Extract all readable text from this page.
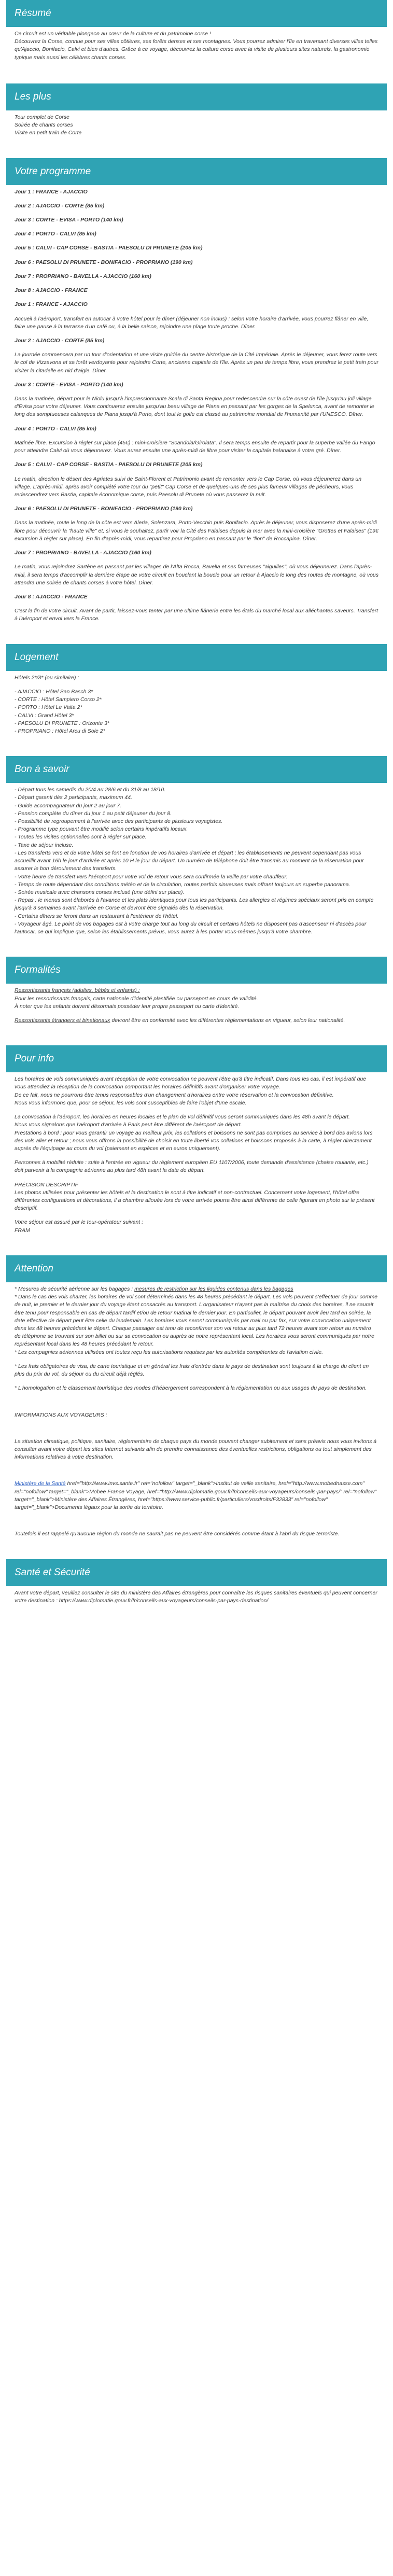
Résumé

Ce circuit est un véritable plongeon au cœur de la culture et du patrimoine corse !

Découvrez la Corse, connue pour ses villes côtières, ses forêts denses et ses montagnes. Vous pourrez admirer l'île en traversant diverses villes telles qu'Ajaccio, Bonifacio, Calvi et bien d'autres. Grâce à ce voyage, découvrez la culture corse avec la visite de plusieurs sites naturels, la gastronomie typique mais aussi les célèbres chants corses.

Les plus

Tour complet de Corse

Soirée de chants corses

Visite en petit train de Corte

Votre programme

Jour 1 : FRANCE - AJACCIO

Jour 2 : AJACCIO - CORTE (85 km)

Jour 3 : CORTE - EVISA - PORTO (140 km)

Jour 4 : PORTO - CALVI (85 km)

Jour 5 : CALVI - CAP CORSE - BASTIA - PAESOLU DI PRUNETE (205 km)

Jour 6 : PAESOLU DI PRUNETE - BONIFACIO - PROPRIANO (190 km)

Jour 7 : PROPRIANO - BAVELLA - AJACCIO (160 km)

Jour 8 : AJACCIO - FRANCE

Jour 1 : FRANCE - AJACCIO

Accueil à l'aéroport, transfert en autocar à votre hôtel pour le dîner (déjeuner non inclus) : selon votre horaire d'arrivée, vous pourrez flâner en ville, faire une pause à la terrasse d'un café ou, à la belle saison, rejoindre une plage toute proche. Dîner.

Jour 2 : AJACCIO - CORTE (85 km)

La journée commencera par un tour d'orientation et une visite guidée du centre historique de la Cité Impériale. Après le déjeuner, vous ferez route vers le col de Vizzavona et sa forêt verdoyante pour rejoindre Corte, ancienne capitale de l'île. Après un peu de temps libre, vous prendrez le petit train pour visiter la citadelle en nid d'aigle. Dîner.

Jour 3 : CORTE - EVISA - PORTO (140 km)

Dans la matinée, départ pour le Niolu jusqu'à l'impressionnante Scala di Santa Regina pour redescendre sur la côte ouest de l'île jusqu'au joli village d'Evisa pour votre déjeuner. Vous continuerez ensuite jusqu'au beau village de Piana en passant par les gorges de la Spelunca, avant de remonter le long des somptueuses calanques de Piana jusqu'à Porto, dont tout le golfe est classé au patrimoine mondial de l'humanité par l'UNESCO. Dîner.

Jour 4 : PORTO - CALVI (85 km)

Matinée libre. Excursion à régler sur place (45€) : mini-croisière "Scandola/Girolata". Il sera temps ensuite de repartir pour la superbe vallée du Fango pour atteindre Calvi où vous déjeunerez. Vous aurez ensuite une après-midi de libre pour visiter la capitale balanaise à votre gré. Dîner.

Jour 5 : CALVI - CAP CORSE - BASTIA - PAESOLU DI PRUNETE (205 km)

Le matin, direction le désert des Agriates suivi de Saint-Florent et Patrimonio avant de remonter vers le Cap Corse, où vous déjeunerez dans un village. L'après-midi, après avoir complété votre tour du "petit" Cap Corse et de quelques-uns de ses plus fameux villages de pêcheurs, vous redescendrez vers Bastia, capitale économique corse, puis Paesolu di Prunete où vous passerez la nuit.

Jour 6 : PAESOLU DI PRUNETE - BONIFACIO - PROPRIANO (190 km)

Dans la matinée, route le long de la côte est vers Aleria, Solenzara, Porto-Vecchio puis Bonifacio. Après le déjeuner, vous disposerez d'une après-midi libre pour découvrir la "haute ville" et, si vous le souhaitez, partir voir la Cité des Falaises depuis la mer avec la mini-croisière "Grottes et Falaises" (19€ excursion à régler sur place). En fin d'après-midi, vous repartirez pour Propriano en passant par le "lion" de Roccapina. Dîner.

Jour 7 : PROPRIANO - BAVELLA - AJACCIO (160 km)

Le matin, vous rejoindrez Sartène en passant par les villages de l'Alta Rocca, Bavella et ses fameuses "aiguilles", où vous déjeunerez. Dans l'après-midi, il sera temps d'accomplir la dernière étape de votre circuit en bouclant la boucle pour un retour à Ajaccio le long des routes de montagne, où vous attendra une soirée de chants corses à votre hôtel. Dîner.

Jour 8 : AJACCIO - FRANCE

C'est la fin de votre circuit. Avant de partir, laissez-vous tenter par une ultime flânerie entre les étals du marché local aux alléchantes saveurs. Transfert à l'aéroport et envol vers la France.

Logement

Hôtels 2*/3* (ou similaire) :

- AJACCIO : Hôtel San Basch 3*

- CORTE : Hôtel Sampiero Corso 2*

- PORTO : Hôtel Le Vaita 2*

- CALVI : Grand Hôtel 3*

- PAESOLU DI PRUNETE : Orizonte 3*

- PROPRIANO : Hôtel Arcu di Sole 2*

Bon à savoir

- Départ tous les samedis du 20/4 au 28/6 et du 31/8 au 18/10.

- Départ garanti dès 2 participants, maximum 44.

- Guide accompagnateur du jour 2 au jour 7.

- Pension complète du dîner du jour 1 au petit déjeuner du jour 8.

- Possibilité de regroupement à l'arrivée avec des participants de plusieurs voyagistes.

- Programme type pouvant être modifié selon certains impératifs locaux.

- Toutes les visites optionnelles sont à régler sur place.

- Taxe de séjour incluse.

- Les transferts vers et de votre hôtel se font en fonction de vos horaires d'arrivée et départ ; les établissements ne peuvent cependant pas vous accueillir avant 16h le jour d'arrivée et après 10 H le jour du départ. Un numéro de téléphone doit être transmis au moment de la réservation pour assurer le bon déroulement des transferts.

- Votre heure de transfert vers l'aéroport pour votre vol de retour vous sera confirmée la veille par votre chauffeur.

- Temps de route dépendant des conditions météo et de la circulation, routes parfois sinueuses mais offrant toujours un superbe panorama.

- Soirée musicale avec chansons corses inclusé (une défini sur place).

- Repas : le menus sont élaborés à l'avance et les plats identiques pour tous les participants. Les allergies et régimes spéciaux seront pris en compte jusqu'à 3 semaines avant l'arrivée en Corse et devront être signalés dès la réservation.

- Certains dîners se feront dans un restaurant à l'extérieur de l'hôtel.

- Voyageur âgé. Le point de vos bagages est à votre charge tout au long du circuit et certains hôtels ne disposent pas d'ascenseur ni d'accès pour l'autocar, ce qui implique que, selon les établissements prévus, vous aurez à les porter vous-mêmes jusqu'à votre chambre.

Formalités

Ressortissants français (adultes, bébés et enfants) :

Pour les ressortissants français, carte nationale d'identité plastifiée ou passeport en cours de validité.

À noter que les enfants doivent désormais posséder leur propre passeport ou carte d'identité.

Ressortissants étrangers et binationaux devront être en conformité avec les différentes réglementations en vigueur, selon leur nationalité.

Pour info

Les horaires de vols communiqués avant réception de votre convocation ne peuvent l'être qu'à titre indicatif. Dans tous les cas, il est impératif que vous attendiez la réception de la convocation comportant les horaires définitifs avant d'organiser votre voyage.

De ce fait, nous ne pourrons être tenus responsables d'un changement d'horaires entre votre réservation et la convocation définitive.

Nous vous informons que, pour ce séjour, les vols sont susceptibles de faire l'objet d'une escale.

La convocation à l'aéroport, les horaires en heures locales et le plan de vol définitif vous seront communiqués dans les 48h avant le départ.

Nous vous signalons que l'aéroport d'arrivée à Paris peut être différent de l'aéroport de départ.

Prestations à bord : pour vous garantir un voyage au meilleur prix, les collations et boissons ne sont pas comprises au service à bord des avions lors des vols aller et retour ; nous vous offrons la possibilité de choisir en toute liberté vos collations et boissons proposés à la carte, à régler directement auprès de l'équipage au cours du vol (paiement en espèces et en euros uniquement).

Personnes à mobilité réduite : suite à l'entrée en vigueur du règlement européen EU 1107/2006, toute demande d'assistance (chaise roulante, etc.) doit parvenir à la compagnie aérienne au plus tard 48h avant la date de départ.

PRÉCISION DESCRIPTIF

Les photos utilisées pour présenter les hôtels et la destination le sont à titre indicatif et non-contractuel. Concernant votre logement, l'hôtel offre différentes configurations et décorations, il a chambre allouée lors de votre arrivée pourra être ainsi différente de celle figurant en photo sur le présent descriptif.

Votre séjour est assuré par le tour-opérateur suivant :

FRAM

Attention

* Mesures de sécurité aérienne sur les bagages : mesures de restriction sur les liquides contenus dans les bagages

* Dans le cas des vols charter, les horaires de vol sont déterminés dans les 48 heures précédant le départ. Les vols peuvent s'effectuer de jour comme de nuit, le premier et le dernier jour du voyage étant consacrés au transport. L'organisateur n'ayant pas la maîtrise du choix des horaires, il ne saurait être tenu pour responsable en cas de départ tardif et/ou de retour matinal le dernier jour. En particulier, le départ pouvant avoir lieu tard en soirée, la date effective de départ peut être celle du lendemain. Les horaires vous seront communiqués par mail ou par fax, sur votre convocation uniquement dans les 48 heures précédant le départ. Chaque passager est tenu de reconfirmer son vol retour au plus tard 72 heures avant son retour au numéro de téléphone se trouvant sur son billet ou sur sa convocation ou auprès de notre représentant local. Les horaires vous seront communiqués par notre représentant local dans les 48 heures précédant le retour.

* Les compagnies aériennes utilisées ont toutes reçu les autorisations requises par les autorités compétentes de l'aviation civile.

* Les frais obligatoires de visa, de carte touristique et en général les frais d'entrée dans le pays de destination sont toujours à la charge du client en plus du prix du vol, du séjour ou du circuit déjà réglés.

* L'homologation et le classement touristique des modes d'hébergement correspondent à la réglementation ou aux usages du pays de destination.

INFORMATIONS AUX VOYAGEURS :

La situation climatique, politique, sanitaire, réglementaire de chaque pays du monde pouvant changer subitement et sans préavis nous vous invitons à consulter avant votre départ les sites Internet suivants afin de prendre connaissance des éventuelles restrictions, obligations ou tout simplement des informations relatives à votre destination.

Ministère de la Santé href="http://www.invs.sante.fr" rel="nofollow" target="_blank">Institut de veille sanitaire, href="http://www.mobednasse.com" rel="nofollow" target="_blank">Mobee France Voyage, href="http://www.diplomatie.gouv.fr/fr/conseils-aux-voyageurs/conseils-par-pays/" rel="nofollow" target="_blank">Ministère des Affaires Étrangères, href="https://www.service-public.fr/particuliers/vosdroits/F32833" rel="nofollow" target="_blank">Documents légaux pour la sortie du territoire.

Toutefois il est rappelé qu'aucune région du monde ne saurait pas ne peuvent être considérés comme étant à l'abri du risque terroriste.

Santé et Sécurité

Avant votre départ, veuillez consulter le site du ministère des Affaires étrangères pour connaître les risques sanitaires éventuels qui peuvent concerner votre destination : https://www.diplomatie.gouv.fr/fr/conseils-aux-voyageurs/conseils-par-pays-destination/
